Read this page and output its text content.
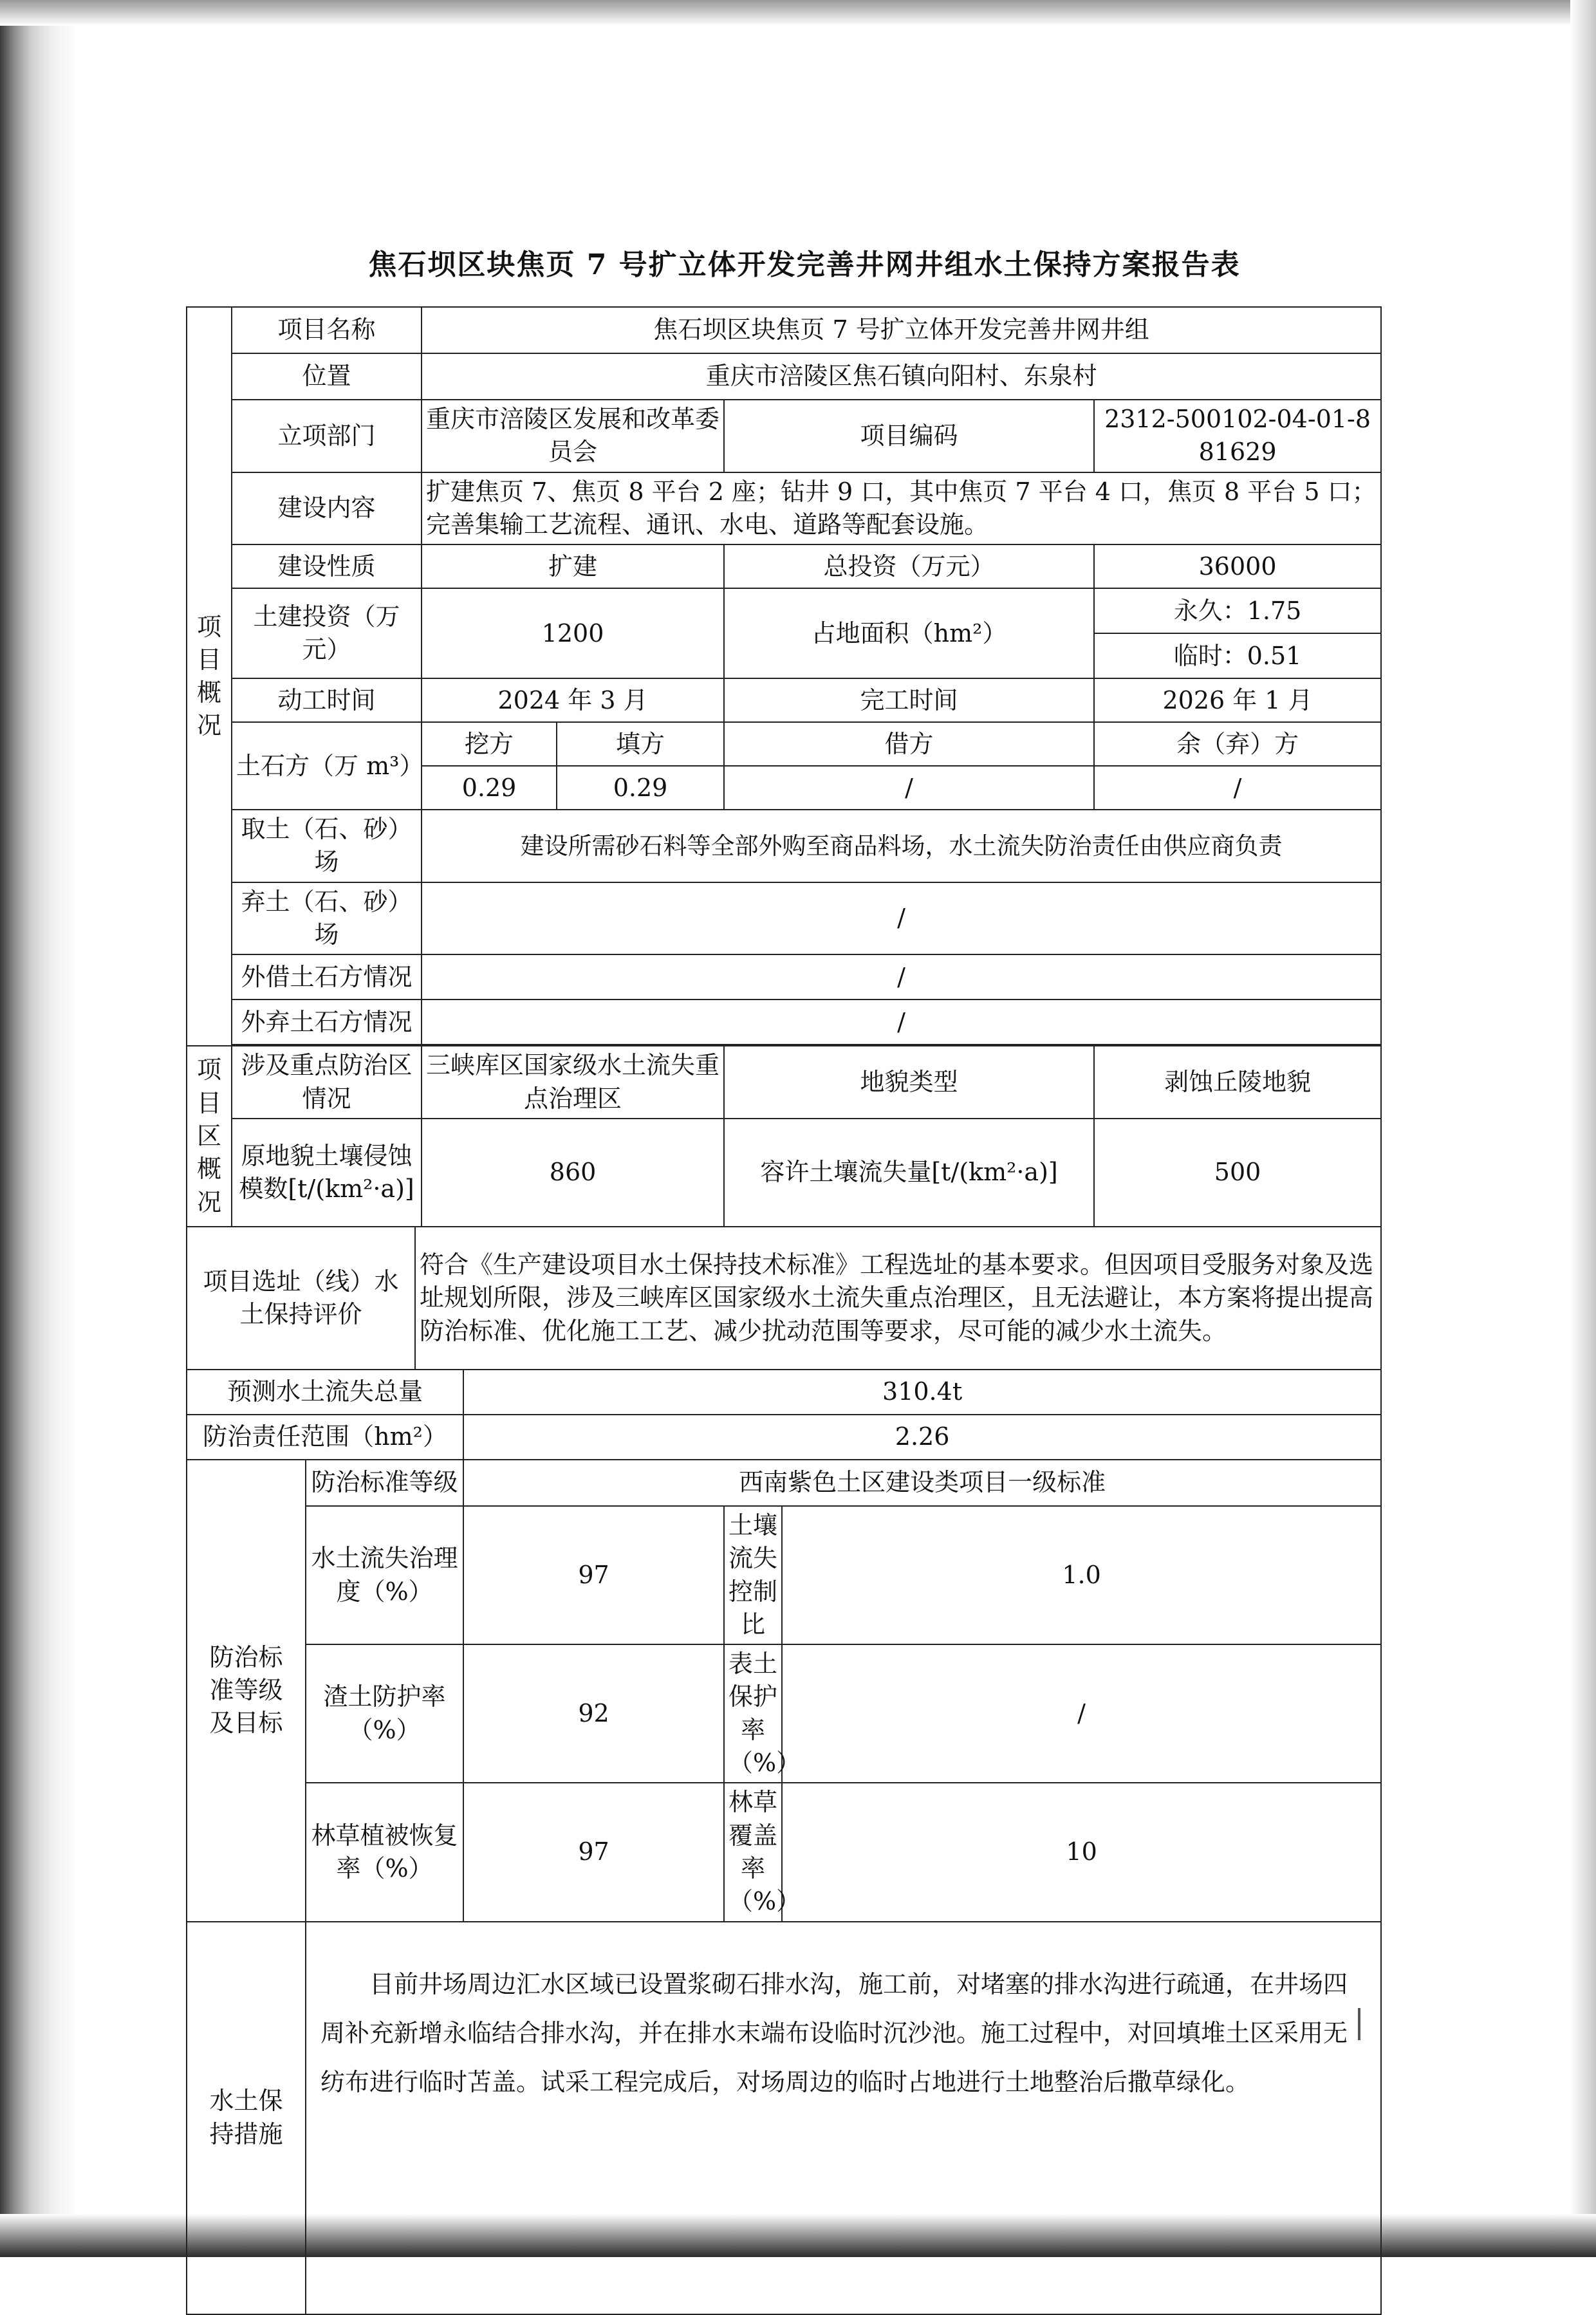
焦石坝区块焦页 7 号扩立体开发完善井网井组水土保持方案报告表
项
目
概
况	项目名称			焦石坝区块焦页 7 号扩立体开发完善井网井组					
	位置			重庆市涪陵区焦石镇向阳村、东泉村					
	立项部门			重庆市涪陵区发展和改革委员会			项目编码		2312-500102-04-01-881629
	建设内容			扩建焦页 7、焦页 8 平台 2 座；钻井 9 口，其中焦页 7 平台 4 口，焦页 8 平台 5 口；完善集输工艺流程、通讯、水电、道路等配套设施。					
	建设性质			扩建			总投资（万元）		36000
	土建投资（万元）			1200			占地面积（hm²）		永久：1.75
									临时：0.51
	动工时间			2024 年 3 月			完工时间		2026 年 1 月
	土石方（万 m³）			挖方		填方	借方		余（弃）方
				0.29		0.29	/		/
	取土（石、砂）场			建设所需砂石料等全部外购至商品料场，水土流失防治责任由供应商负责					
	弃土（石、砂）场			/					
	外借土石方情况			/					
	外弃土石方情况			/					

项
目
区
概
况	涉及重点防治区情况			三峡库区国家级水土流失重点治理区			地貌类型		剥蚀丘陵地貌
	原地貌土壤侵蚀模数[t/(km²·a)]			860			容许土壤流失量[t/(km²·a)]		500
项目选址（线）水土保持评价			符合《生产建设项目水土保持技术标准》工程选址的基本要求。但因项目受服务对象及选址规划所限，涉及三峡库区国家级水土流失重点治理区，且无法避让，本方案将提出提高防治标准、优化施工工艺、减少扰动范围等要求，尽可能的减少水土流失。						
预测水土流失总量					310.4t				
防治责任范围（hm²）					2.26				

防治标
准等级
及目标		防治标准等级			西南紫色土区建设类项目一级标准				
		水土流失治理度（%）			97		土壤流失控制比	1.0	
		渣土防护率（%）			92		表土保护率（%）	/	
		林草植被恢复率（%）			97		林草覆盖率（%）	10	

水土保
持措施		目前井场周边汇水区域已设置浆砌石排水沟，施工前，对堵塞的排水沟进行疏通，在井场四周补充新增永临结合排水沟，并在排水末端布设临时沉沙池。施工过程中，对回填堆土区采用无纺布进行临时苫盖。试采工程完成后，对场周边的临时占地进行土地整治后撒草绿化。							
